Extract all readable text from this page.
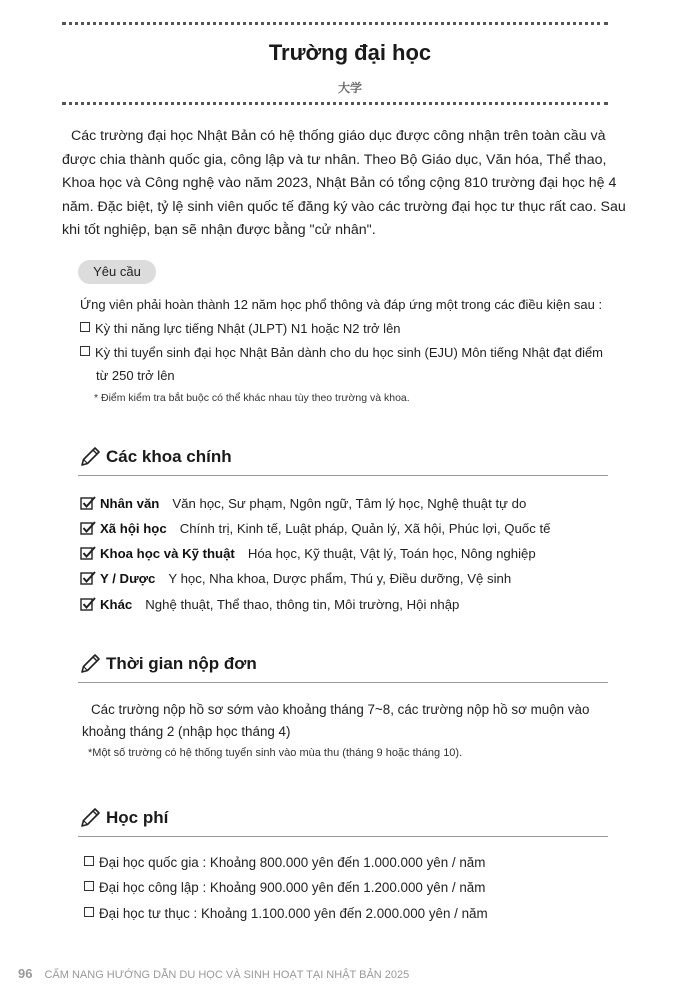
Trường đại học
大学
Các trường đại học Nhật Bản có hệ thống giáo dục được công nhận trên toàn cầu và được chia thành quốc gia, công lập và tư nhân. Theo Bộ Giáo dục, Văn hóa, Thể thao, Khoa học và Công nghệ vào năm 2023, Nhật Bản có tổng cộng 810 trường đại học hệ 4 năm. Đặc biệt, tỷ lệ sinh viên quốc tế đăng ký vào các trường đại học tư thục rất cao. Sau khi tốt nghiệp, bạn sẽ nhận được bằng "cử nhân".
Yêu cầu
Ứng viên phải hoàn thành 12 năm học phổ thông và đáp ứng một trong các điều kiện sau :
Kỳ thi năng lực tiếng Nhật (JLPT) N1 hoặc N2 trở lên
Kỳ thi tuyển sinh đại học Nhật Bản dành cho du học sinh (EJU) Môn tiếng Nhật đạt điểm
từ 250 trở lên
* Điểm kiểm tra bắt buộc có thể khác nhau tùy theo trường và khoa.
Các khoa chính
Nhân văn Văn học, Sư phạm, Ngôn ngữ, Tâm lý học, Nghệ thuật tự do
Xã hội học Chính trị, Kinh tế, Luật pháp, Quản lý, Xã hội, Phúc lợi, Quốc tế
Khoa học và Kỹ thuật Hóa học, Kỹ thuật, Vật lý, Toán học, Nông nghiệp
Y / Dược Y học, Nha khoa, Dược phẩm, Thú y, Điều dưỡng, Vệ sinh
Khác Nghệ thuật, Thể thao, thông tin, Môi trường, Hội nhập
Thời gian nộp đơn
Các trường nộp hồ sơ sớm vào khoảng tháng 7~8, các trường nộp hồ sơ muộn vào khoảng tháng 2 (nhập học tháng 4)
*Một số trường có hệ thống tuyển sinh vào mùa thu (tháng 9 hoặc tháng 10).
Học phí
Đại học quốc gia : Khoảng 800.000 yên đến 1.000.000 yên / năm
Đại học công lập : Khoảng 900.000 yên đến 1.200.000 yên / năm
Đại học tư thục : Khoảng 1.100.000 yên đến 2.000.000 yên / năm
96 CẨM NANG HƯỚNG DẪN DU HỌC VÀ SINH HOẠT TẠI NHẬT BẢN 2025
